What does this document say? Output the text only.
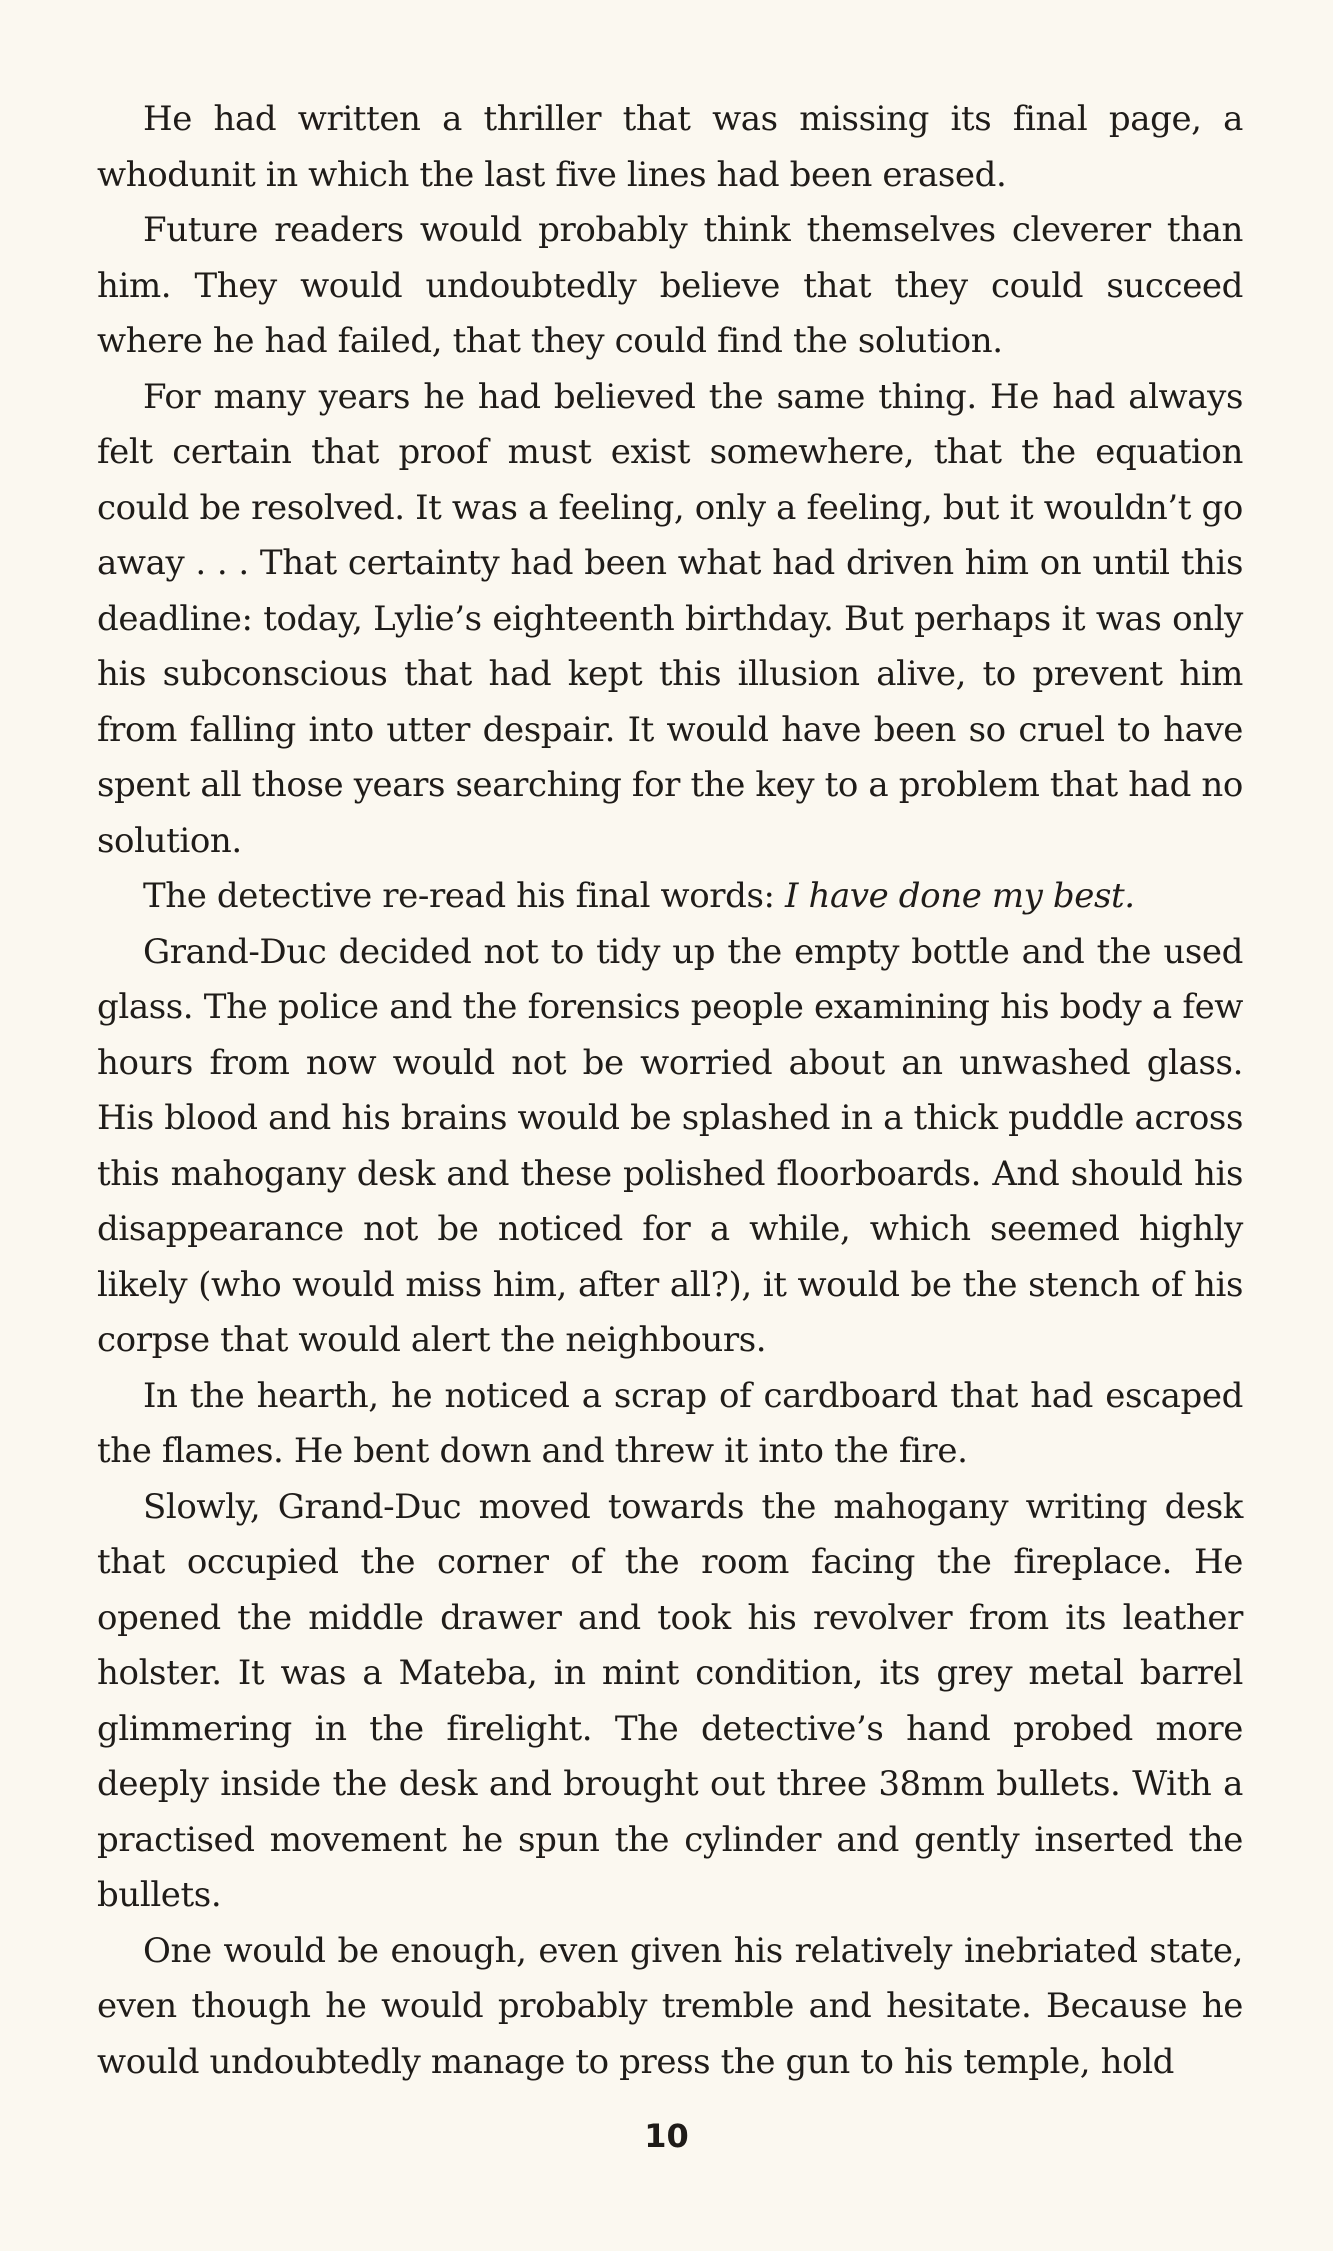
He had written a thriller that was missing its final page, a whodunit in which the last five lines had been erased.

Future readers would probably think themselves cleverer than him. They would undoubtedly believe that they could succeed where he had failed, that they could find the solution.

For many years he had believed the same thing. He had always felt certain that proof must exist somewhere, that the equation could be resolved. It was a feeling, only a feeling, but it wouldn’t go away . . . That certainty had been what had driven him on until this deadline: today, Lylie’s eighteenth birthday. But perhaps it was only his subconscious that had kept this illusion alive, to prevent him from falling into utter despair. It would have been so cruel to have spent all those years searching for the key to a problem that had no solution.

The detective re-read his final words: I have done my best.

Grand-Duc decided not to tidy up the empty bottle and the used glass. The police and the forensics people examining his body a few hours from now would not be worried about an unwashed glass. His blood and his brains would be splashed in a thick puddle across this mahogany desk and these polished floorboards. And should his disappearance not be noticed for a while, which seemed highly likely (who would miss him, after all?), it would be the stench of his corpse that would alert the neighbours.

In the hearth, he noticed a scrap of cardboard that had escaped the flames. He bent down and threw it into the fire.

Slowly, Grand-Duc moved towards the mahogany writing desk that occupied the corner of the room facing the fireplace. He opened the middle drawer and took his revolver from its leather holster. It was a Mateba, in mint condition, its grey metal barrel glimmering in the firelight. The detective’s hand probed more deeply inside the desk and brought out three 38mm bullets. With a practised movement he spun the cylinder and gently inserted the bullets.

One would be enough, even given his relatively inebriated state, even though he would probably tremble and hesitate. Because he would undoubtedly manage to press the gun to his temple, hold

10
